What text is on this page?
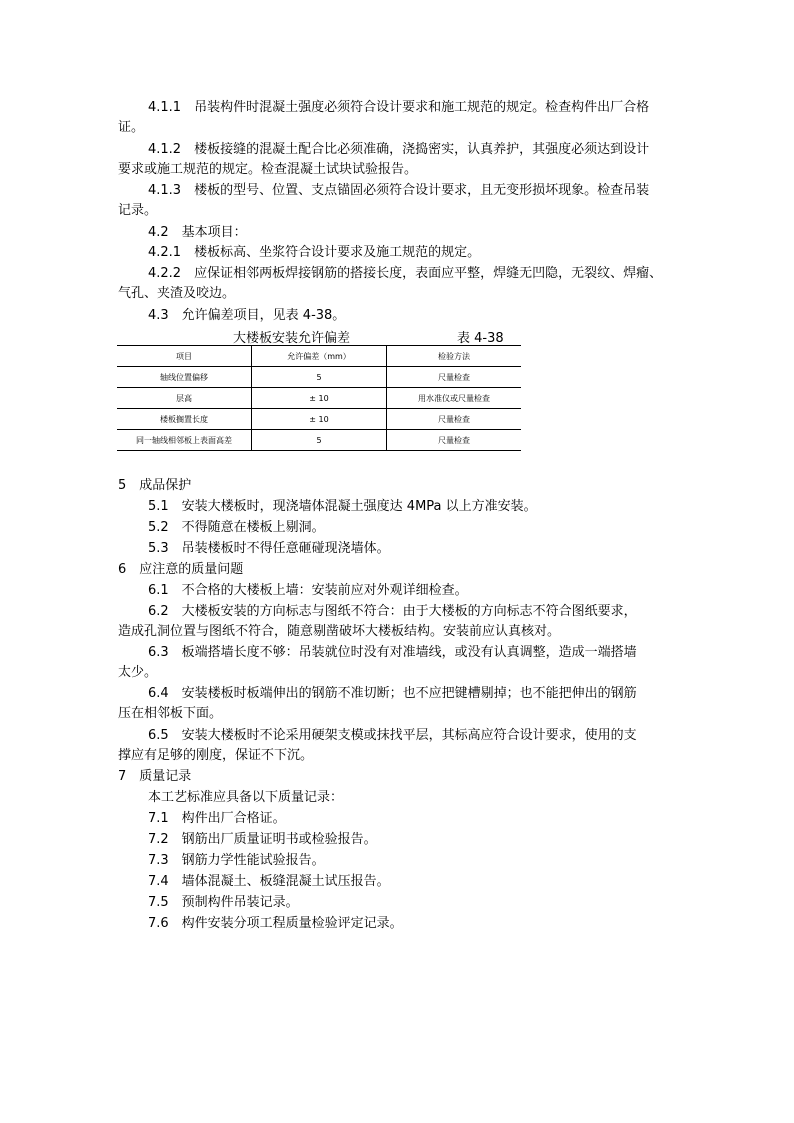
4.1.1　吊装构件时混凝土强度必须符合设计要求和施工规范的规定。检查构件出厂合格
证。
4.1.2　楼板接缝的混凝土配合比必须准确，浇捣密实，认真养护，其强度必须达到设计
要求或施工规范的规定。检查混凝土试块试验报告。
4.1.3　楼板的型号、位置、支点锚固必须符合设计要求，且无变形损坏现象。检查吊装
记录。
4.2　基本项目：
4.2.1　楼板标高、坐浆符合设计要求及施工规范的规定。
4.2.2　应保证相邻两板焊接钢筋的搭接长度，表面应平整，焊缝无凹隐，无裂纹、焊瘤、
气孔、夹渣及咬边。
4.3　允许偏差项目，见表 4-38。
大楼板安装允许偏差	表 4-38
项目	允许偏差（mm）	检验方法
轴线位置偏移	5	尺量检查
层高	± 10	用水准仪或尺量检查
楼板搁置长度	± 10	尺量检查
同一轴线相邻板上表面高差	5	尺量检查
5　成品保护
5.1　安装大楼板时，现浇墙体混凝土强度达 4MPa 以上方准安装。
5.2　不得随意在楼板上剔洞。
5.3　吊装楼板时不得任意砸碰现浇墙体。
6　应注意的质量问题
6.1　不合格的大楼板上墙：安装前应对外观详细检查。
6.2　大楼板安装的方向标志与图纸不符合：由于大楼板的方向标志不符合图纸要求，
造成孔洞位置与图纸不符合，随意剔凿破坏大楼板结构。安装前应认真核对。
6.3　板端搭墙长度不够：吊装就位时没有对准墙线，或没有认真调整，造成一端搭墙
太少。
6.4　安装楼板时板端伸出的钢筋不准切断；也不应把键槽剔掉；也不能把伸出的钢筋
压在相邻板下面。
6.5　安装大楼板时不论采用硬架支模或抹找平层，其标高应符合设计要求，使用的支
撑应有足够的刚度，保证不下沉。
7　质量记录
本工艺标准应具备以下质量记录：
7.1　构件出厂合格证。
7.2　钢筋出厂质量证明书或检验报告。
7.3　钢筋力学性能试验报告。
7.4　墙体混凝土、板缝混凝土试压报告。
7.5　预制构件吊装记录。
7.6　构件安装分项工程质量检验评定记录。
